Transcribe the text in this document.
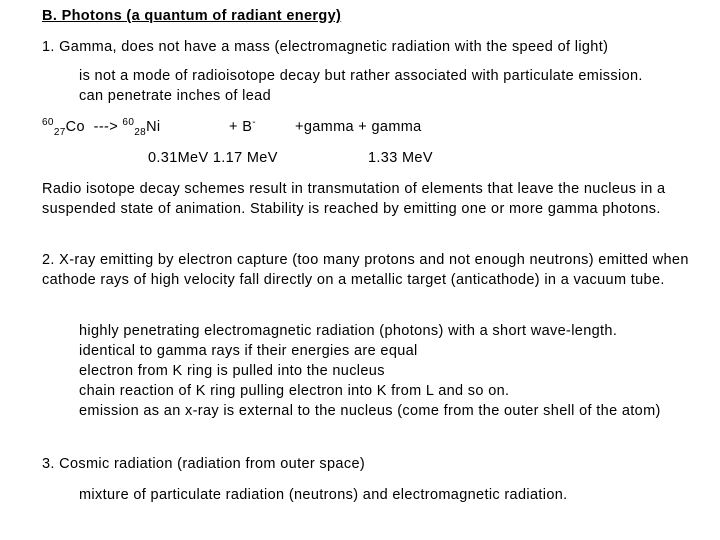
B. Photons (a quantum of radiant energy)
1. Gamma, does not have a mass (electromagnetic radiation with the speed of light)
is not a mode of radioisotope decay but rather associated with particulate emission.
can penetrate inches of lead
$^{60}_{27}$Co ---> $^{60}_{28}$Ni	+ B-	+gamma + gamma
0.31MeV 1.17 MeV	1.33 MeV
Radio isotope decay schemes result in transmutation of elements that leave the nucleus in a suspended state of animation. Stability is reached by emitting one or more gamma photons.
2. X-ray emitting by electron capture (too many protons and not enough neutrons) emitted when cathode rays of high velocity fall directly on a metallic target (anticathode) in a vacuum tube.
highly penetrating electromagnetic radiation (photons) with a short wave-length.
identical to gamma rays if their energies are equal
electron from K ring is pulled into the nucleus
chain reaction of K ring pulling electron into K from L and so on.
emission as an x-ray is external to the nucleus (come from the outer shell of the atom)
3. Cosmic radiation (radiation from outer space)
mixture of particulate radiation (neutrons) and electromagnetic radiation.
